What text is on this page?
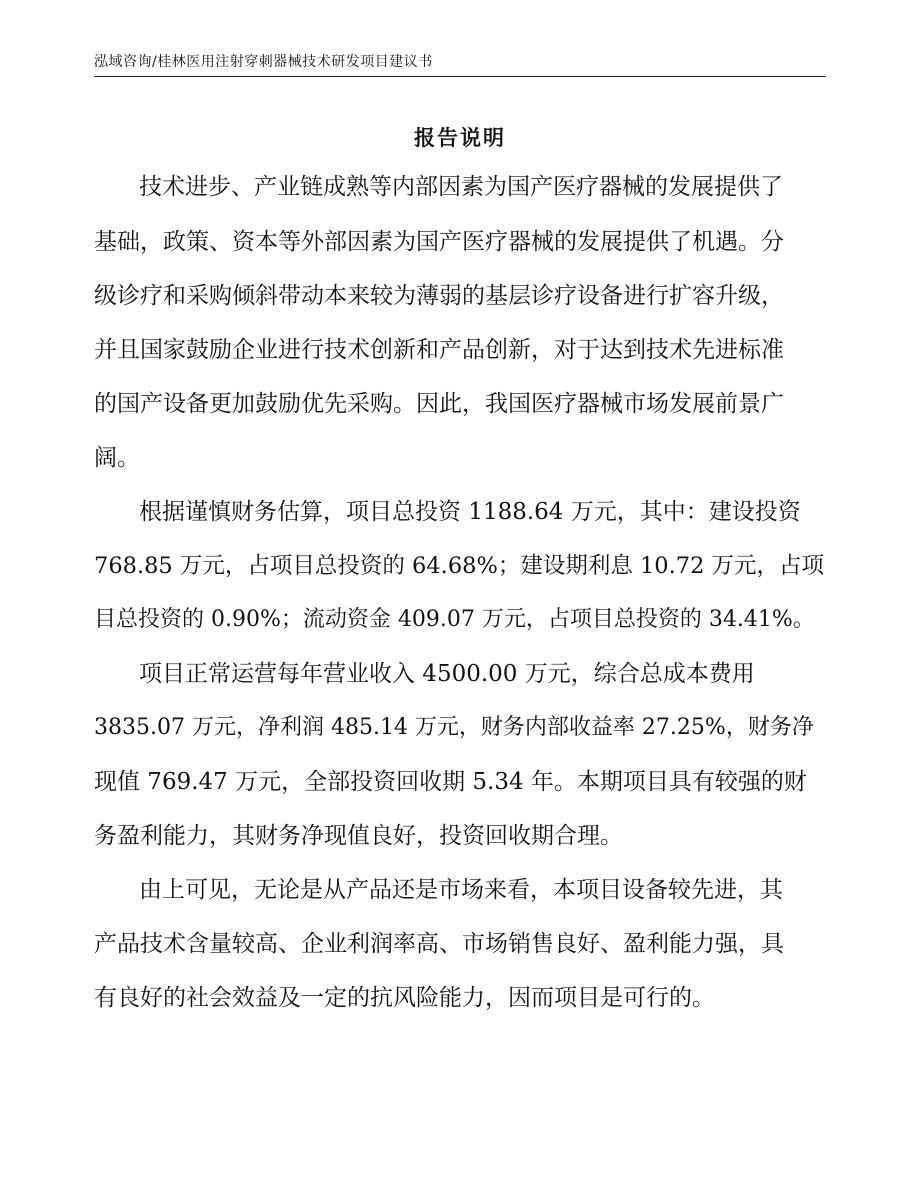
泓域咨询/桂林医用注射穿刺器械技术研发项目建议书
报告说明
技术进步、产业链成熟等内部因素为国产医疗器械的发展提供了
基础，政策、资本等外部因素为国产医疗器械的发展提供了机遇。分
级诊疗和采购倾斜带动本来较为薄弱的基层诊疗设备进行扩容升级，
并且国家鼓励企业进行技术创新和产品创新，对于达到技术先进标准
的国产设备更加鼓励优先采购。因此，我国医疗器械市场发展前景广
阔。
根据谨慎财务估算，项目总投资 1188.64 万元，其中：建设投资
768.85 万元，占项目总投资的 64.68%；建设期利息 10.72 万元，占项
目总投资的 0.90%；流动资金 409.07 万元，占项目总投资的 34.41%。
项目正常运营每年营业收入 4500.00 万元，综合总成本费用
3835.07 万元，净利润 485.14 万元，财务内部收益率 27.25%，财务净
现值 769.47 万元，全部投资回收期 5.34 年。本期项目具有较强的财
务盈利能力，其财务净现值良好，投资回收期合理。
由上可见，无论是从产品还是市场来看，本项目设备较先进，其
产品技术含量较高、企业利润率高、市场销售良好、盈利能力强，具
有良好的社会效益及一定的抗风险能力，因而项目是可行的。
